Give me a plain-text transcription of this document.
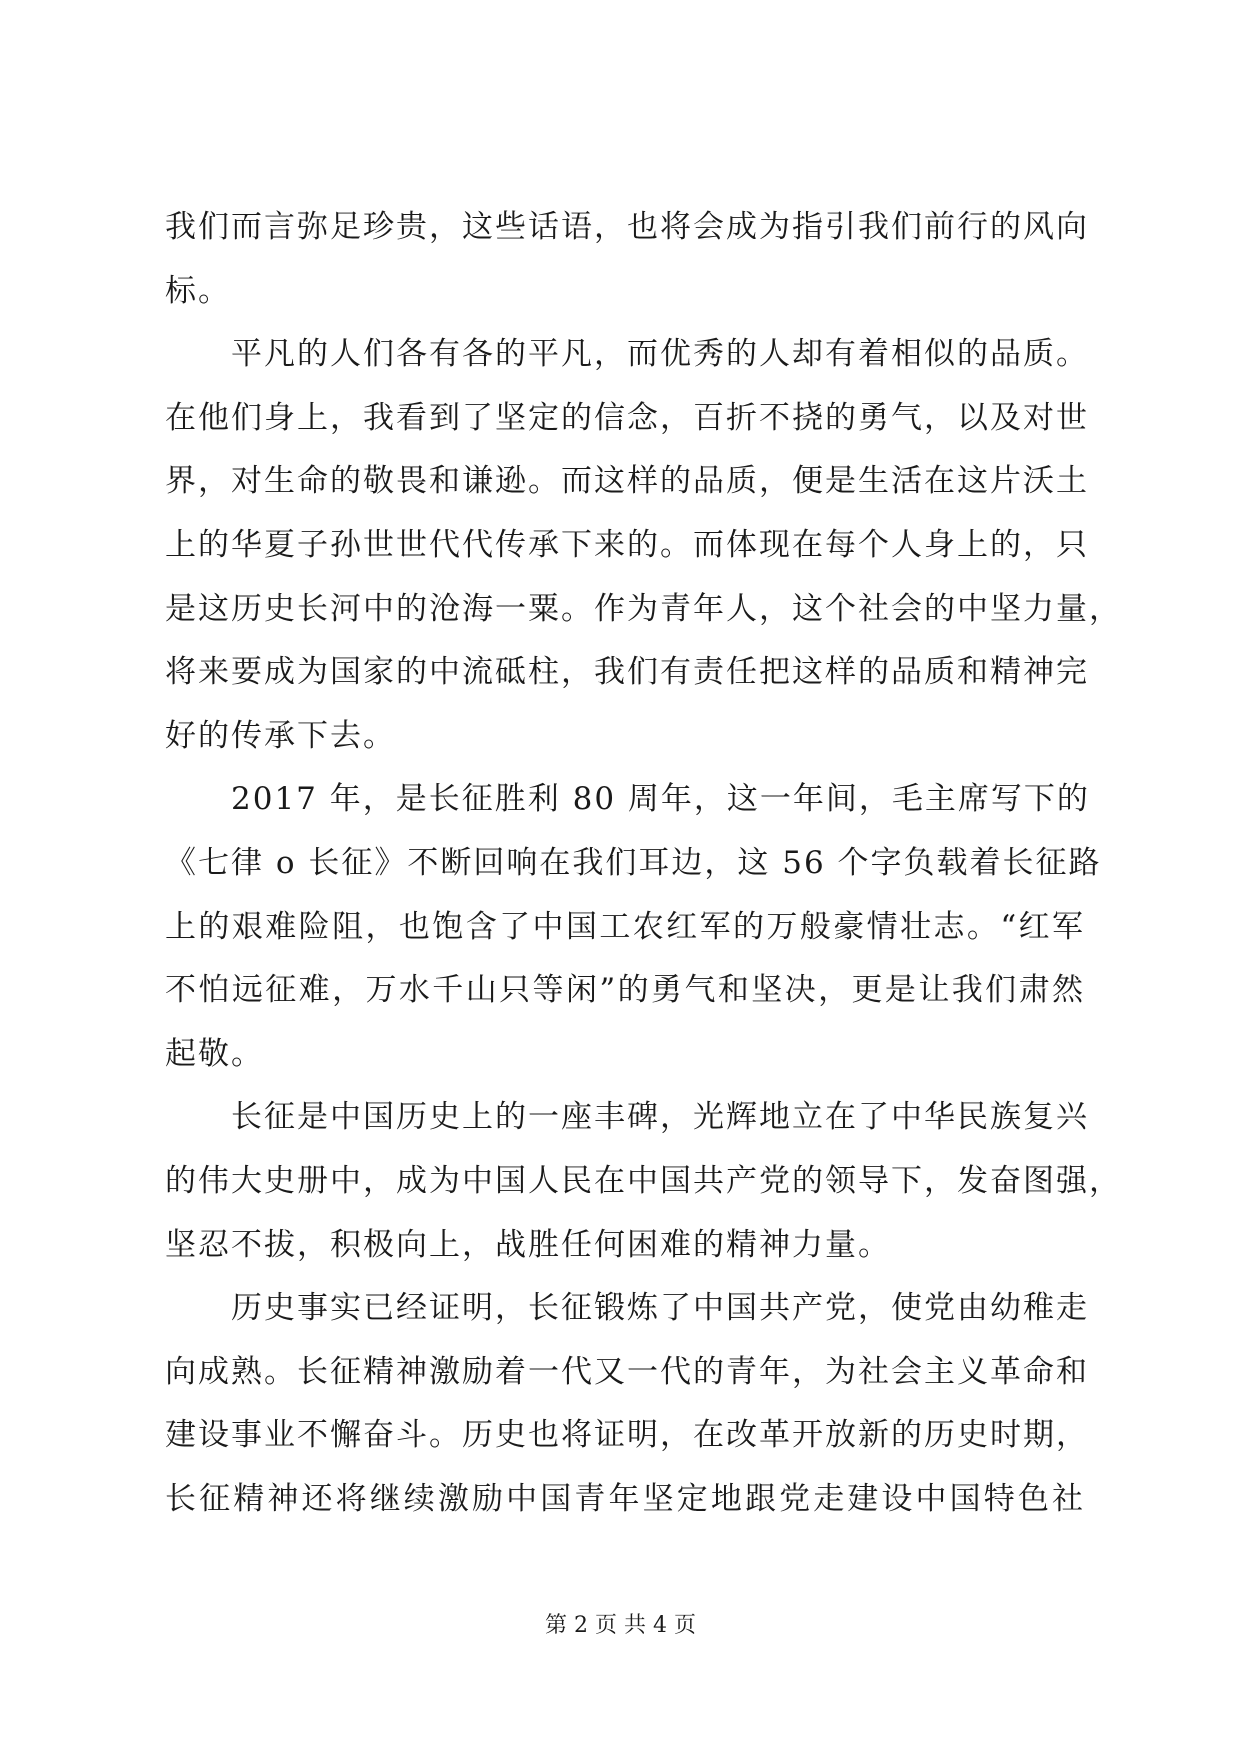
我们而言弥足珍贵，这些话语，也将会成为指引我们前行的风向
标。
平凡的人们各有各的平凡，而优秀的人却有着相似的品质。
在他们身上，我看到了坚定的信念，百折不挠的勇气，以及对世
界，对生命的敬畏和谦逊。而这样的品质，便是生活在这片沃土
上的华夏子孙世世代代传承下来的。而体现在每个人身上的，只
是这历史长河中的沧海一粟。作为青年人，这个社会的中坚力量，
将来要成为国家的中流砥柱，我们有责任把这样的品质和精神完
好的传承下去。
2017 年，是长征胜利 80 周年，这一年间，毛主席写下的
《七律 o 长征》不断回响在我们耳边，这 56 个字负载着长征路
上的艰难险阻，也饱含了中国工农红军的万般豪情壮志。“红军
不怕远征难，万水千山只等闲”的勇气和坚决，更是让我们肃然
起敬。
长征是中国历史上的一座丰碑，光辉地立在了中华民族复兴
的伟大史册中，成为中国人民在中国共产党的领导下，发奋图强，
坚忍不拔，积极向上，战胜任何困难的精神力量。
历史事实已经证明，长征锻炼了中国共产党，使党由幼稚走
向成熟。长征精神激励着一代又一代的青年，为社会主义革命和
建设事业不懈奋斗。历史也将证明，在改革开放新的历史时期，
长征精神还将继续激励中国青年坚定地跟党走建设中国特色社
第 2 页 共 4 页
